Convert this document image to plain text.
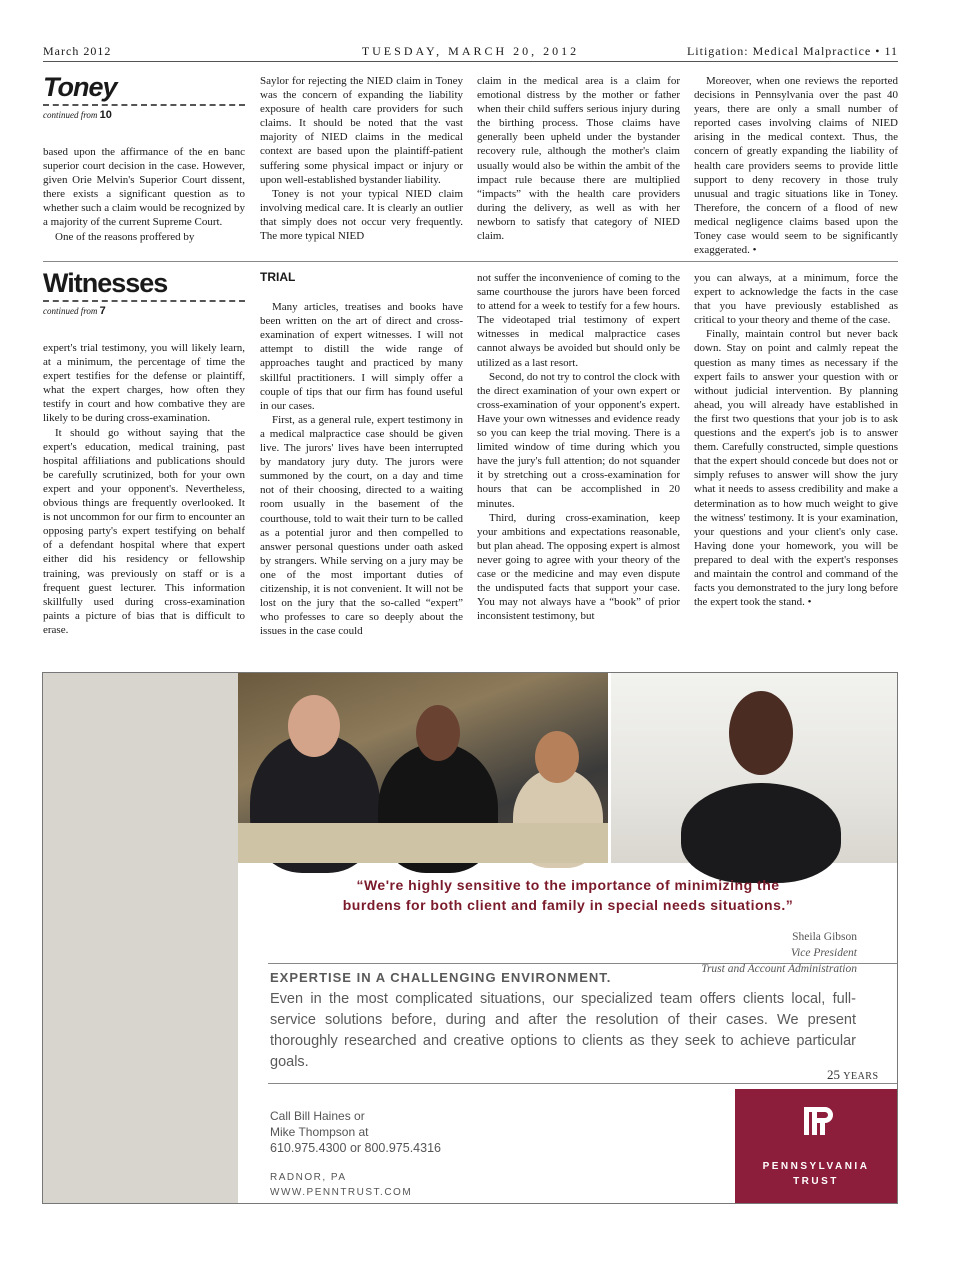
March 2012	TUESDAY, MARCH 20, 2012	Litigation: Medical Malpractice • 11
Toney
continued from 10

based upon the affirmance of the en banc superior court decision in the case. However, given Orie Melvin's Superior Court dissent, there exists a significant question as to whether such a claim would be recognized by a majority of the current Supreme Court.

One of the reasons proffered by

Saylor for rejecting the NIED claim in Toney was the concern of expanding the liability exposure of health care providers for such claims. It should be noted that the vast majority of NIED claims in the medical context are based upon the plaintiff-patient suffering some physical impact or injury or upon well-established bystander liability.

Toney is not your typical NIED claim involving medical care. It is clearly an outlier that simply does not occur very frequently. The more typical NIED

claim in the medical area is a claim for emotional distress by the mother or father when their child suffers serious injury during the birthing process. Those claims have generally been upheld under the bystander recovery rule, although the mother's claim usually would also be within the ambit of the impact rule because there are multiplied “impacts” with the health care providers during the delivery, as well as with her newborn to satisfy that category of NIED claim.

Moreover, when one reviews the reported decisions in Pennsylvania over the past 40 years, there are only a small number of reported cases involving claims of NIED arising in the medical context. Thus, the concern of greatly expanding the liability of health care providers seems to provide little support to deny recovery in those truly unusual and tragic situations like in Toney. Therefore, the concern of a flood of new medical negligence claims based upon the Toney case would seem to be significantly exaggerated. •

Witnesses
continued from 7

expert's trial testimony, you will likely learn, at a minimum, the percentage of time the expert testifies for the defense or plaintiff, what the expert charges, how often they testify in court and how combative they are likely to be during cross-examination.

It should go without saying that the expert's education, medical training, past hospital affiliations and publications should be carefully scrutinized, both for your own expert and your opponent's. Nevertheless, obvious things are frequently overlooked. It is not uncommon for our firm to encounter an opposing party's expert testifying on behalf of a defendant hospital where that expert either did his residency or fellowship training, was previously on staff or is a frequent guest lecturer. This information skillfully used during cross-examination paints a picture of bias that is difficult to erase.

TRIAL

Many articles, treatises and books have been written on the art of direct and cross-examination of expert witnesses. I will not attempt to distill the wide range of approaches taught and practiced by many skillful practitioners. I will simply offer a couple of tips that our firm has found useful in our cases.

First, as a general rule, expert testimony in a medical malpractice case should be given live. The jurors' lives have been interrupted by mandatory jury duty. The jurors were summoned by the court, on a day and time not of their choosing, directed to a waiting room usually in the basement of the courthouse, told to wait their turn to be called as a potential juror and then compelled to answer personal questions under oath asked by strangers. While serving on a jury may be one of the most important duties of citizenship, it is not convenient. It will not be lost on the jury that the so-called “expert” who professes to care so deeply about the issues in the case could

not suffer the inconvenience of coming to the same courthouse the jurors have been forced to attend for a week to testify for a few hours. The videotaped trial testimony of expert witnesses in medical malpractice cases cannot always be avoided but should only be utilized as a last resort.

Second, do not try to control the clock with the direct examination of your own expert or cross-examination of your opponent's expert. Have your own witnesses and evidence ready so you can keep the trial moving. There is a limited window of time during which you have the jury's full attention; do not squander it by stretching out a cross-examination for hours that can be accomplished in 20 minutes.

Third, during cross-examination, keep your ambitions and expectations reasonable, but plan ahead. The opposing expert is almost never going to agree with your theory of the case or the medicine and may even dispute the undisputed facts that support your case. You may not always have a “book” of prior inconsistent testimony, but

you can always, at a minimum, force the expert to acknowledge the facts in the case that you have previously established as critical to your theory and theme of the case.

Finally, maintain control but never back down. Stay on point and calmly repeat the question as many times as necessary if the expert fails to answer your question with or without judicial intervention. By planning ahead, you will already have established in the first two questions that your job is to ask questions and the expert's job is to answer them. Carefully constructed, simple questions that the expert should concede but does not or simply refuses to answer will show the jury what it needs to assess credibility and make a determination as to how much weight to give the witness' testimony. It is your examination, your questions and your client's only case. Having done your homework, you will be prepared to deal with the expert's responses and maintain the control and command of the facts you demonstrated to the jury long before the expert took the stand. •

“We're highly sensitive to the importance of minimizing the
burdens for both client and family in special needs situations.”
Sheila Gibson
Vice President
Trust and Account Administration
EXPERTISE IN A CHALLENGING ENVIRONMENT.
Even in the most complicated situations, our specialized team offers clients local, full-service solutions before, during and after the resolution of their cases. We present thoroughly researched and creative options to clients as they seek to achieve particular goals.
25 YEARS
Call Bill Haines or
Mike Thompson at
610.975.4300 or 800.975.4316
RADNOR, PA
WWW.PENNTRUST.COM
PENNSYLVANIA
TRUST
